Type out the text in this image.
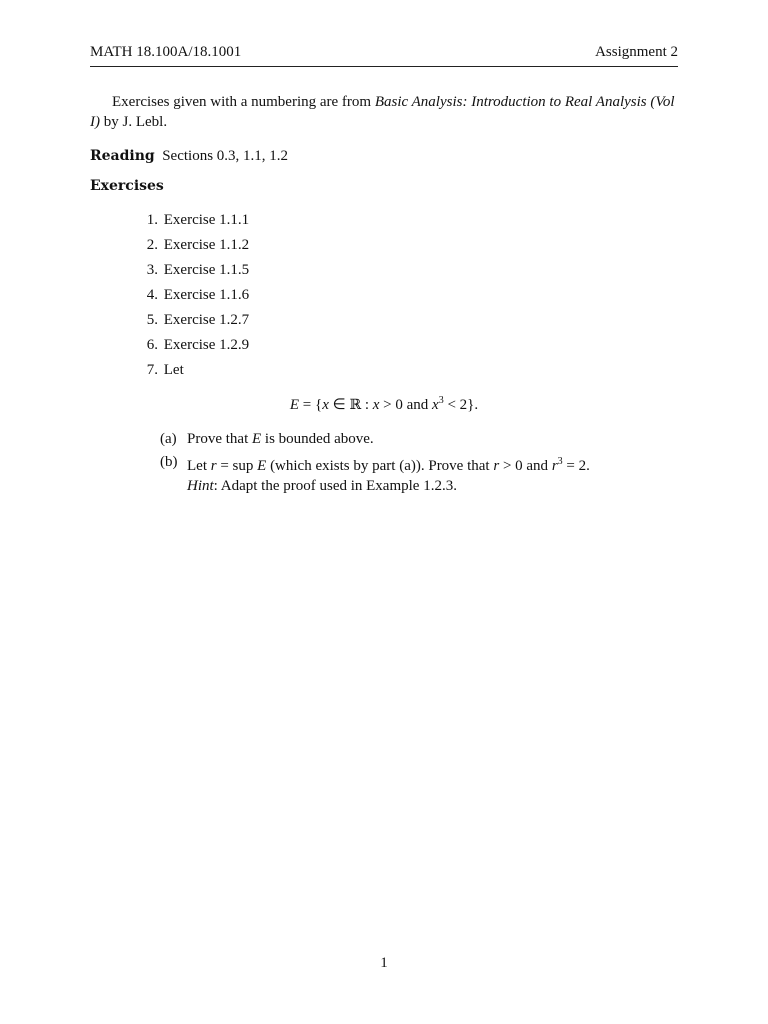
MATH 18.100A/18.1001	Assignment 2
Exercises given with a numbering are from Basic Analysis: Introduction to Real Analysis (Vol I) by J. Lebl.
Reading Sections 0.3, 1.1, 1.2
Exercises
1. Exercise 1.1.1
2. Exercise 1.1.2
3. Exercise 1.1.5
4. Exercise 1.1.6
5. Exercise 1.2.7
6. Exercise 1.2.9
7. Let
E = {x ∈ ℝ : x > 0 and $x^3 < 2$}.
(a) Prove that E is bounded above.
(b) Let r = sup E (which exists by part (a)). Prove that r > 0 and $r^3 = 2$.
Hint: Adapt the proof used in Example 1.2.3.
1
